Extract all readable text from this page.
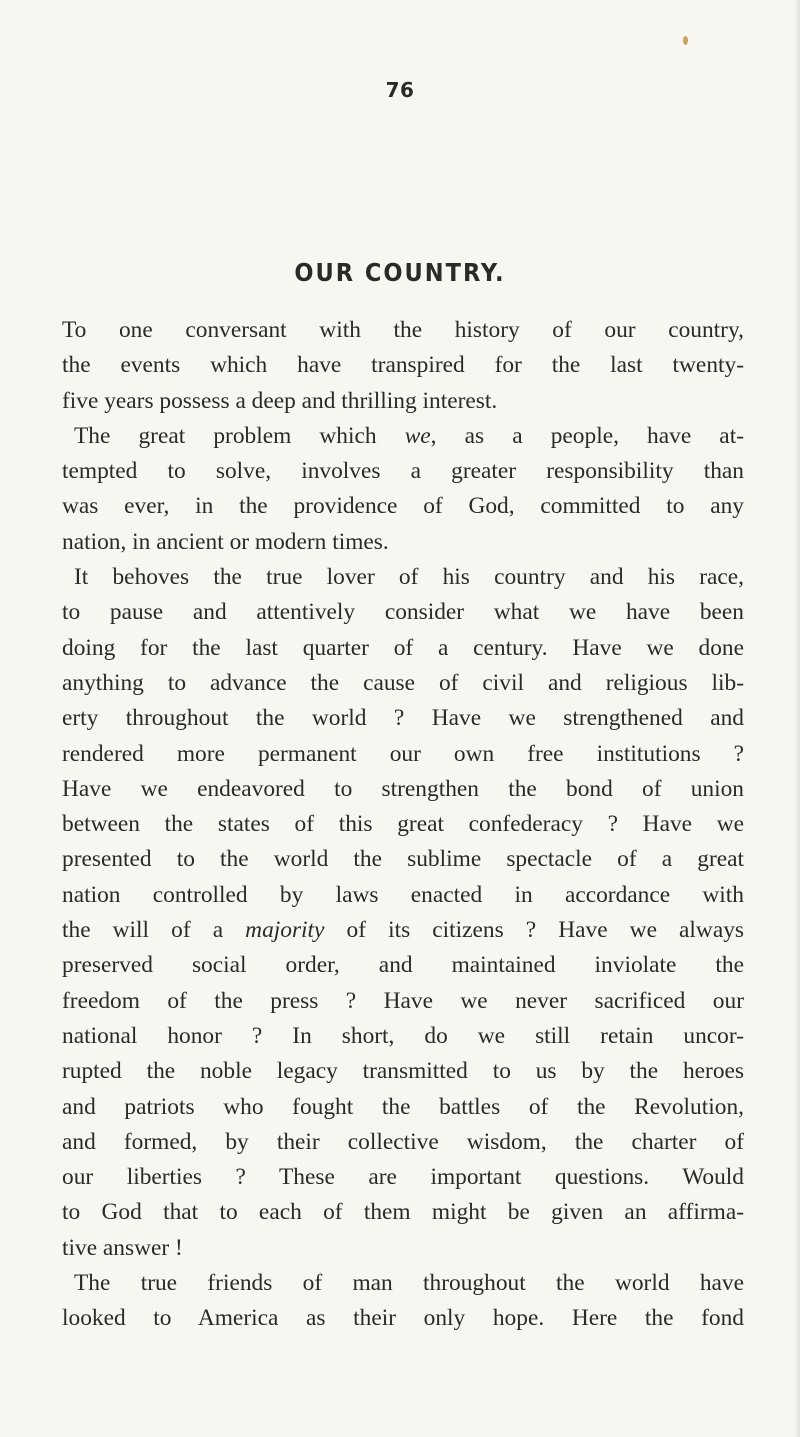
76
OUR COUNTRY.
To one conversant with the history of our country,
the events which have transpired for the last twenty-
five years possess a deep and thrilling interest.
The great problem which we, as a people, have at-
tempted to solve, involves a greater responsibility than
was ever, in the providence of God, committed to any
nation, in ancient or modern times.
It behoves the true lover of his country and his race,
to pause and attentively consider what we have been
doing for the last quarter of a century. Have we done
anything to advance the cause of civil and religious lib-
erty throughout the world ? Have we strengthened and
rendered more permanent our own free institutions ?
Have we endeavored to strengthen the bond of union
between the states of this great confederacy ? Have we
presented to the world the sublime spectacle of a great
nation controlled by laws enacted in accordance with
the will of a majority of its citizens ? Have we always
preserved social order, and maintained inviolate the
freedom of the press ? Have we never sacrificed our
national honor ? In short, do we still retain uncor-
rupted the noble legacy transmitted to us by the heroes
and patriots who fought the battles of the Revolution,
and formed, by their collective wisdom, the charter of
our liberties ? These are important questions. Would
to God that to each of them might be given an affirma-
tive answer !
The true friends of man throughout the world have
looked to America as their only hope. Here the fond
